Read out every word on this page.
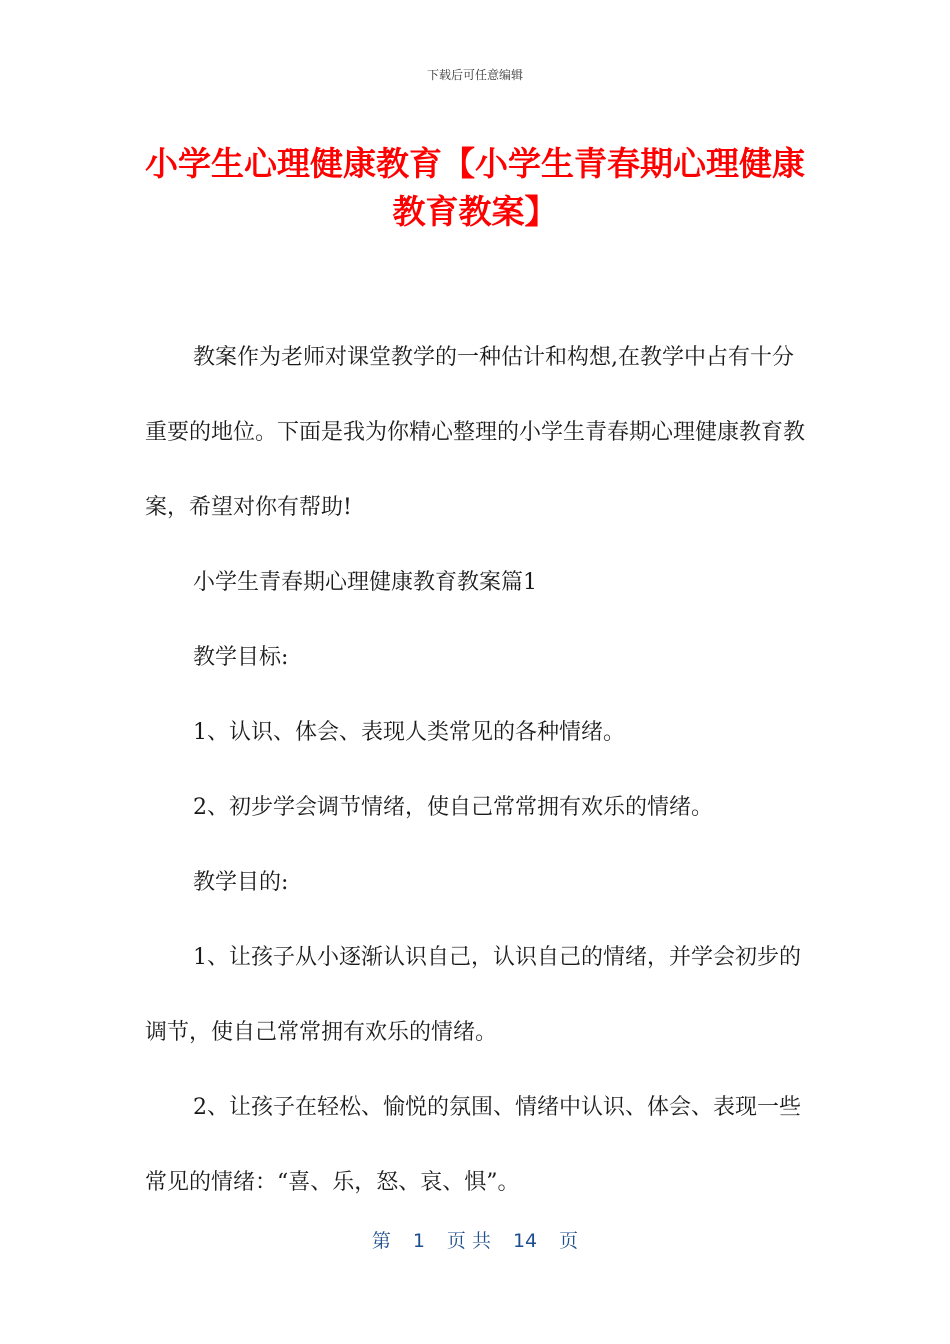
下载后可任意编辑
小学生心理健康教育【小学生青春期心理健康教育教案】

教案作为老师对课堂教学的一种估计和构想,在教学中占有十分重要的地位。下面是我为你精心整理的小学生青春期心理健康教育教案，希望对你有帮助!

小学生青春期心理健康教育教案篇1

教学目标:

1、认识、体会、表现人类常见的各种情绪。

2、初步学会调节情绪，使自己常常拥有欢乐的情绪。

教学目的:

1、让孩子从小逐渐认识自己，认识自己的情绪，并学会初步的调节，使自己常常拥有欢乐的情绪。

2、让孩子在轻松、愉悦的氛围、情绪中认识、体会、表现一些常见的情绪：“喜、乐，怒、哀、惧”。

第 1 页 共 14 页
